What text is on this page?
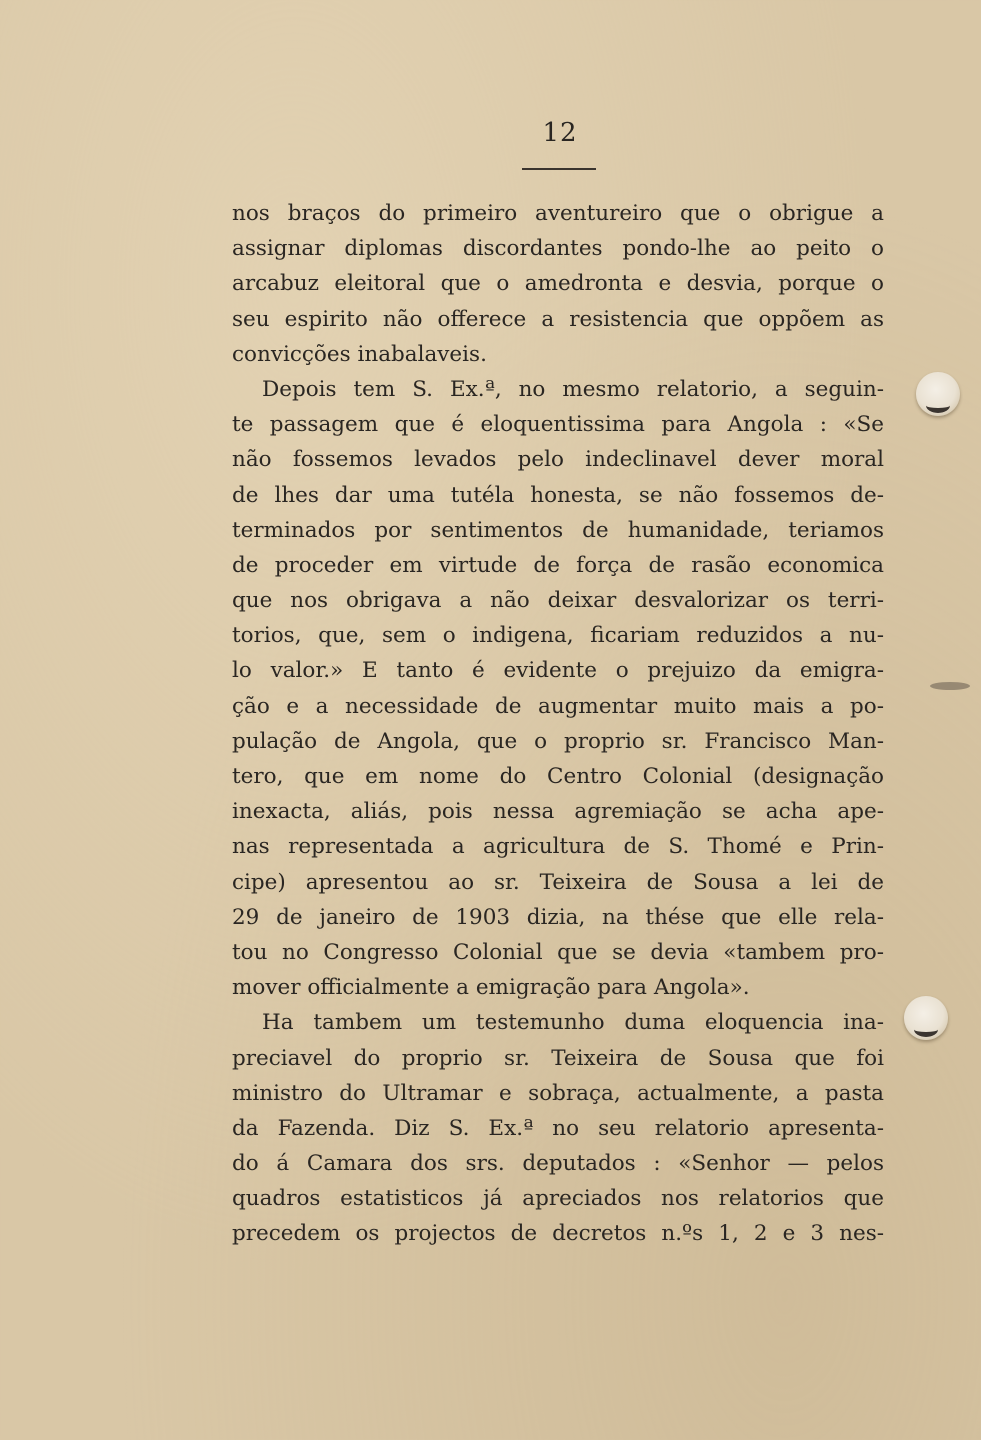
12
nos braços do primeiro aventureiro que o obrigue a
assignar diplomas discordantes pondo-lhe ao peito o
arcabuz eleitoral que o amedronta e desvia, porque o
seu espirito não offerece a resistencia que oppõem as
convicções inabalaveis.
Depois tem S. Ex.ª, no mesmo relatorio, a seguin-
te passagem que é eloquentissima para Angola : «Se
não fossemos levados pelo indeclinavel dever moral
de lhes dar uma tutéla honesta, se não fossemos de-
terminados por sentimentos de humanidade, teriamos
de proceder em virtude de força de rasão economica
que nos obrigava a não deixar desvalorizar os terri-
torios, que, sem o indigena, ficariam reduzidos a nu-
lo valor.» E tanto é evidente o prejuizo da emigra-
ção e a necessidade de augmentar muito mais a po-
pulação de Angola, que o proprio sr. Francisco Man-
tero, que em nome do Centro Colonial (designação
inexacta, aliás, pois nessa agremiação se acha ape-
nas representada a agricultura de S. Thomé e Prin-
cipe) apresentou ao sr. Teixeira de Sousa a lei de
29 de janeiro de 1903 dizia, na thése que elle rela-
tou no Congresso Colonial que se devia «tambem pro-
mover officialmente a emigração para Angola».
Ha tambem um testemunho duma eloquencia ina-
preciavel do proprio sr. Teixeira de Sousa que foi
ministro do Ultramar e sobraça, actualmente, a pasta
da Fazenda. Diz S. Ex.ª no seu relatorio apresenta-
do á Camara dos srs. deputados : «Senhor — pelos
quadros estatisticos já apreciados nos relatorios que
precedem os projectos de decretos n.ºs 1, 2 e 3 nes-
